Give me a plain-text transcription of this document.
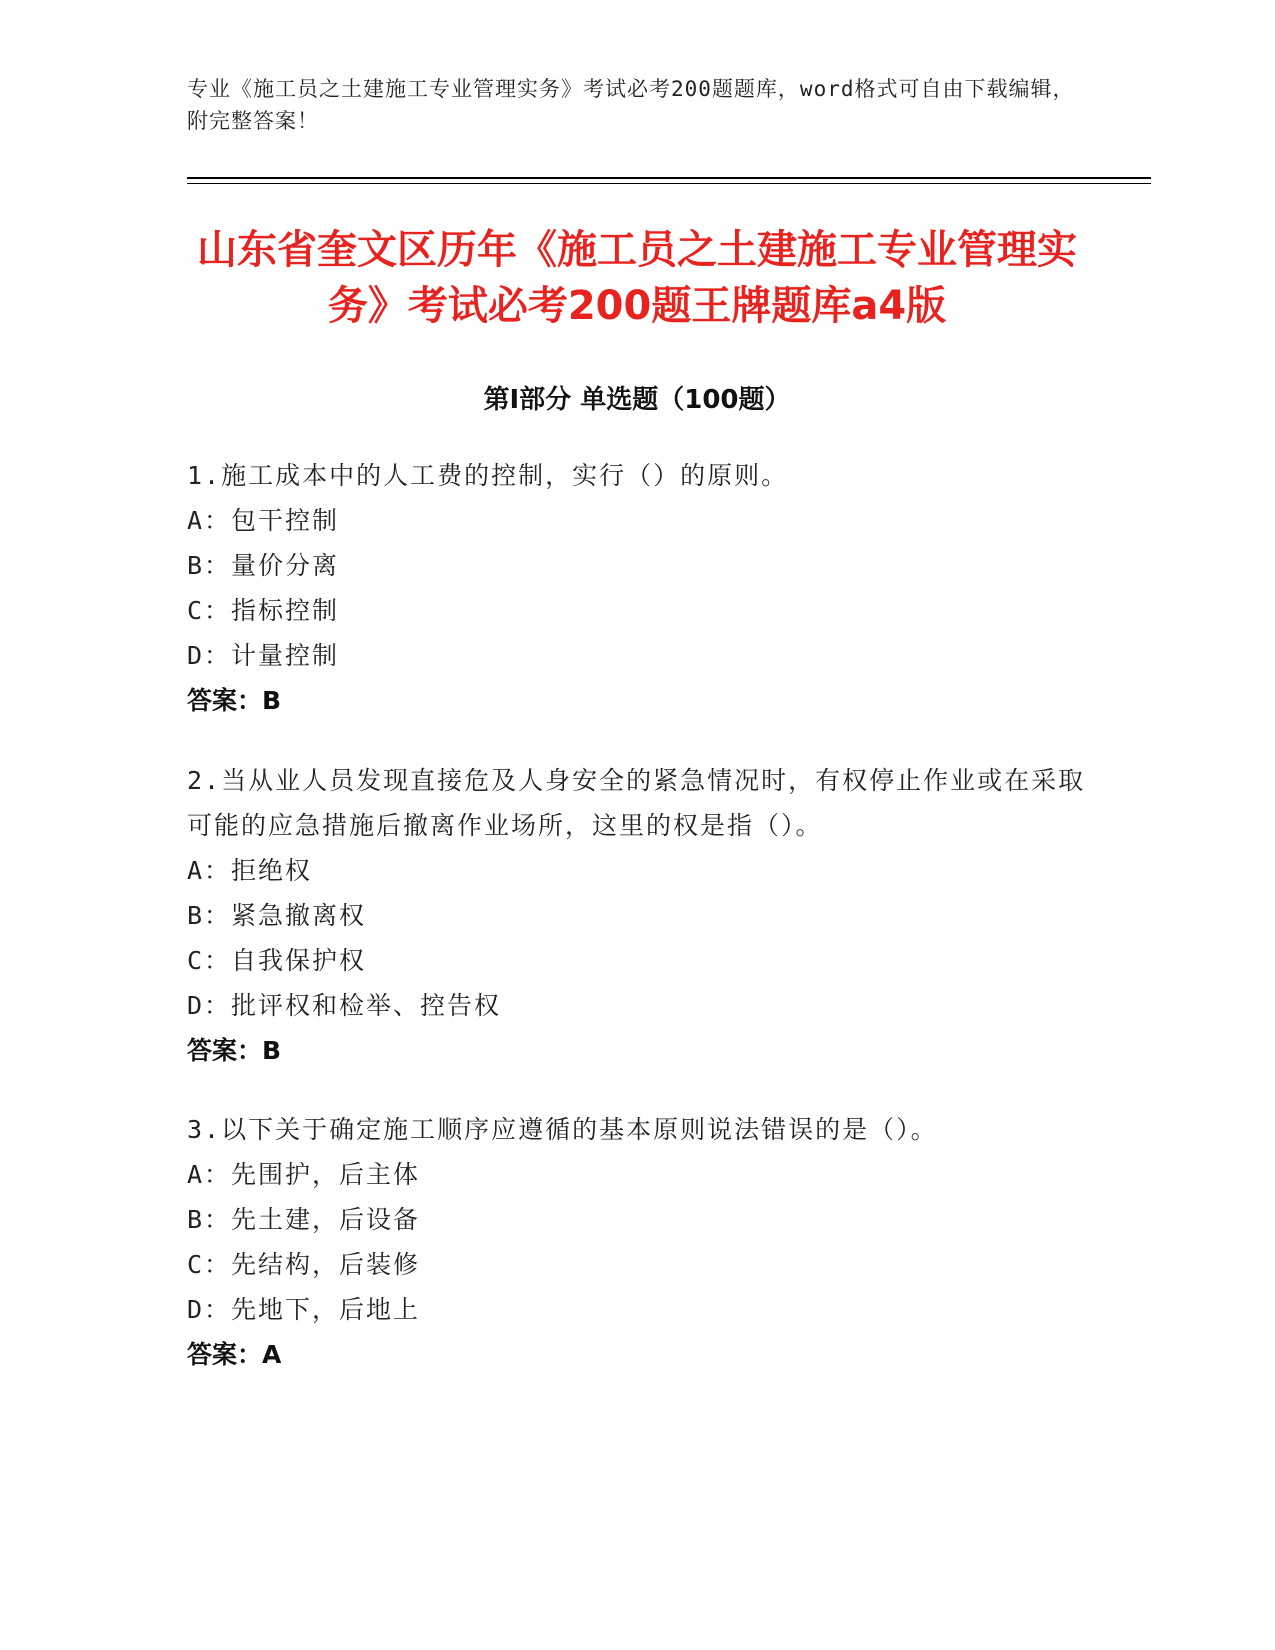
专业《施工员之土建施工专业管理实务》考试必考200题题库，word格式可自由下载编辑，附完整答案！
山东省奎文区历年《施工员之土建施工专业管理实务》考试必考200题王牌题库a4版
第I部分 单选题（100题）

1.施工成本中的人工费的控制，实行（）的原则。

A：包干控制

B：量价分离

C：指标控制

D：计量控制

答案：B

2.当从业人员发现直接危及人身安全的紧急情况时，有权停止作业或在采取可能的应急措施后撤离作业场所，这里的权是指（）。

A：拒绝权

B：紧急撤离权

C：自我保护权

D：批评权和检举、控告权

答案：B

3.以下关于确定施工顺序应遵循的基本原则说法错误的是（）。

A：先围护，后主体

B：先土建，后设备

C：先结构，后装修

D：先地下，后地上

答案：A
